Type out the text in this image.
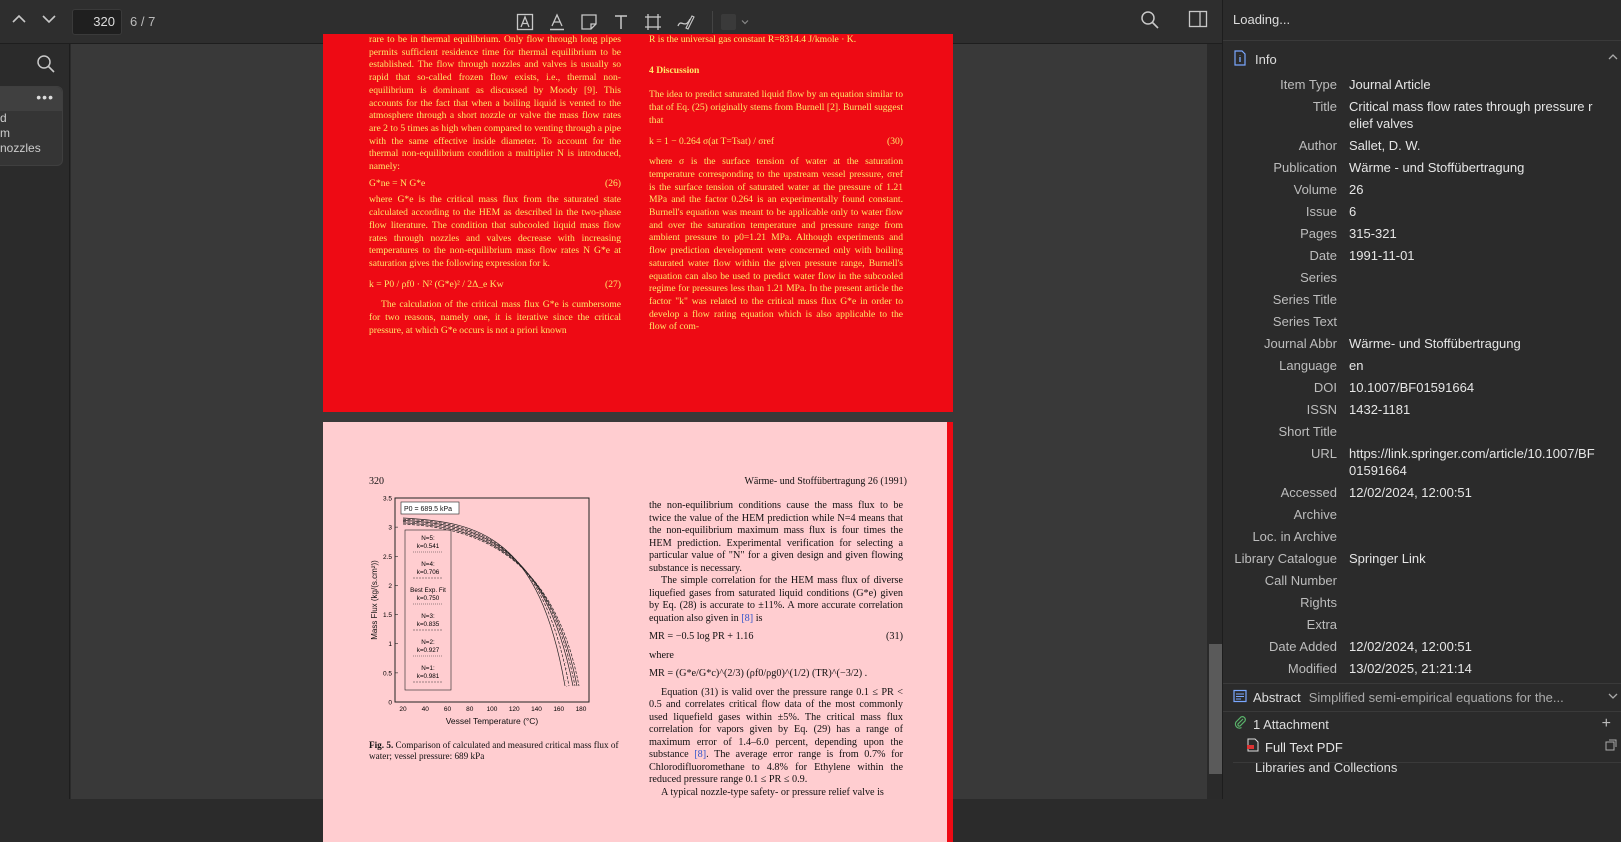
320
6 / 7
•••
d
m
nozzles

rare to be in thermal equilibrium. Only flow through long pipes permits sufficient residence time for thermal equilibrium to be established. The flow through nozzles and valves is usually so rapid that so-called frozen flow exists, i.e., thermal non-equilibrium is dominant as discussed by Moody [9]. This accounts for the fact that when a boiling liquid is vented to the atmosphere through a short nozzle or valve the mass flow rates are 2 to 5 times as high when compared to venting through a pipe with the same effective inside diameter. To account for the thermal non-equilibrium condition a multiplier N is introduced, namely:

G*ne = N G*e	(26)

where G*e is the critical mass flux from the saturated state calculated according to the HEM as described in the two-phase flow literature. The condition that subcooled liquid mass flow rates through nozzles and valves decrease with increasing temperatures to the non-equilibrium mass flow rates N G*e at saturation gives the following expression for k.

k = P0 / ρf0 · N² (G*e)² / 2Δ_e Kw	(27)

The calculation of the critical mass flux G*e is cumbersome for two reasons, namely one, it is iterative since the critical pressure, at which G*e occurs is not a priori known

R is the universal gas constant R=8314.4 J/kmole · K.

4 Discussion

The idea to predict saturated liquid flow by an equation similar to that of Eq. (25) originally stems from Burnell [2]. Burnell suggest that

k = 1 − 0.264 σ(at T=Tsat) / σref	(30)

where σ is the surface tension of water at the saturation temperature corresponding to the upstream vessel pressure, σref is the surface tension of saturated water at the pressure of 1.21 MPa and the factor 0.264 is an experimentally found constant. Burnell's equation was meant to be applicable only to water flow and over the saturation temperature and pressure range from ambient pressure to p0=1.21 MPa. Although experiments and flow prediction development were concerned only with boiling saturated water flow within the given pressure range, Burnell's equation can also be used to predict water flow in the subcooled regime for pressures less than 1.21 MPa. In the present article the factor "k" was related to the critical mass flux G*e in order to develop a flow rating equation which is also applicable to the flow of com-

320	Wärme- und Stoffübertragung 26 (1991)
0
0.5
1
1.5
2
2.5
3
3.5
20 40 60 80 100 120 140 160 180
Mass Flux (kg/(s.cm²))
Vessel Temperature (°C)
P0 = 689.5 kPa
N=5:
k=0.541
N=4:
k=0.706
Best Exp. Fit
k=0.750
N=3:
k=0.835
N=2:
k=0.927
N=1:
k=0.981
·
·
·
·
·
·
·
·
Fig. 5. Comparison of calculated and measured critical mass flux of water; vessel pressure: 689 kPa

the non-equilibrium conditions cause the mass flux to be twice the value of the HEM prediction while N=4 means that the non-equilibrium maximum mass flux is four times the HEM prediction. Experimental verification for selecting a particular value of "N" for a given design and given flowing substance is necessary.

The simple correlation for the HEM mass flux of diverse liquefied gases from saturated liquid conditions (G*e) given by Eq. (28) is accurate to ±11%. A more accurate correlation equation also given in [8] is

MR = −0.5 log PR + 1.16	(31)

where

MR = (G*e/G*c)^(2/3) (ρf0/ρg0)^(1/2) (TR)^(−3/2) .

Equation (31) is valid over the pressure range 0.1 ≤ PR < 0.5 and correlates critical flow data of the most commonly used liquefield gases within ±5%. The critical mass flux correlation for vapors given by Eq. (29) has a range of maximum error of 1.4–6.0 percent, depending upon the substance [8]. The average error range is from 0.7% for Chlorodifluoromethane to 4.8% for Ethylene within the reduced pressure range 0.1 ≤ PR ≤ 0.9.

A typical nozzle-type safety- or pressure relief valve is

Loading...
Info
Item Type Journal Article
Title Critical mass flow rates through pressure relief valves
Author Sallet, D. W.
Publication Wärme - und Stoffübertragung
Volume 26
Issue 6
Pages 315-321
Date 1991-11-01
Series
Series Title
Series Text
Journal Abbr Wärme- und Stoffübertragung
Language en
DOI 10.1007/BF01591664
ISSN 1432-1181
Short Title
URL https://link.springer.com/article/10.1007/BF01591664
Accessed 12/02/2024, 12:00:51
Archive
Loc. in Archive
Library Catalogue Springer Link
Call Number
Rights
Extra
Date Added 12/02/2024, 12:00:51
Modified 13/02/2025, 21:21:14
Abstract Simplified semi-empirical equations for the...
1 Attachment	+
Full Text PDF
$^{Libraries and Collections}$
